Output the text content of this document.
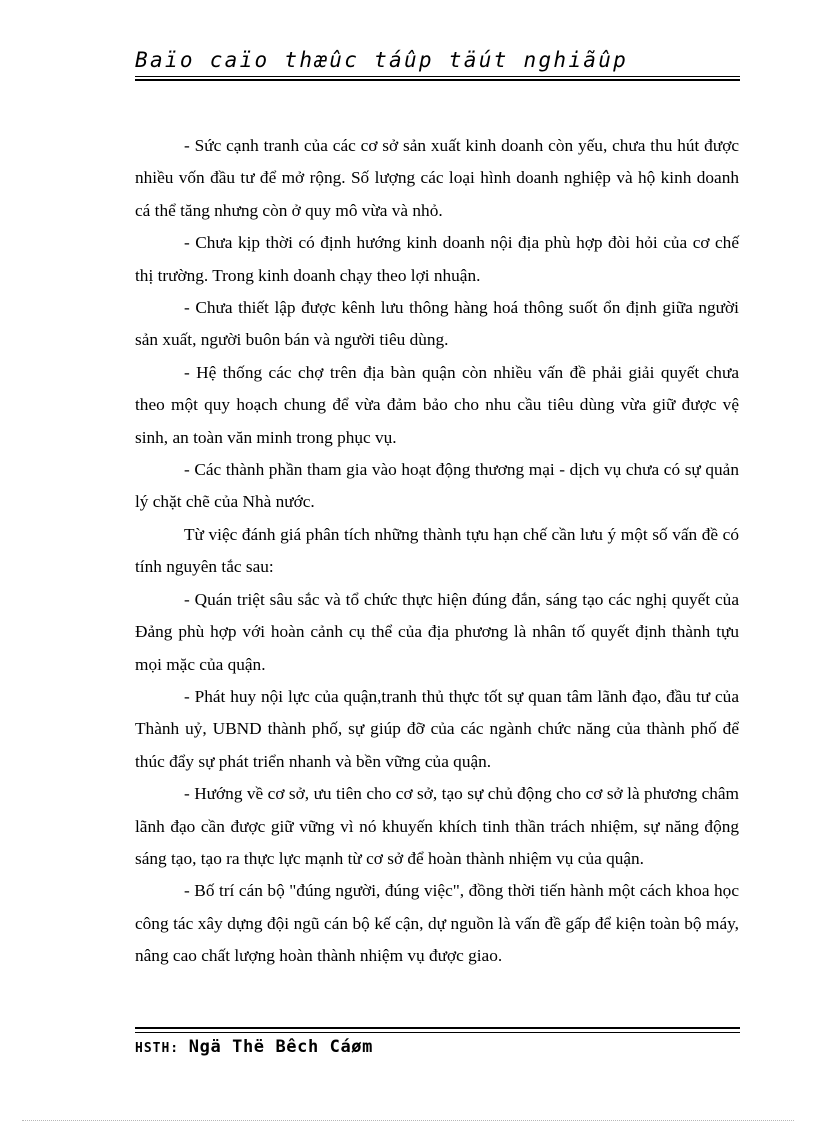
Baïo caïo thæûc táûp täút nghiãûp

- Sức cạnh tranh của các cơ sở sản xuất kinh doanh còn yếu, chưa thu hút được nhiều vốn đầu tư để mở rộng. Số lượng các loại hình doanh nghiệp và hộ kinh doanh cá thể tăng nhưng còn ở quy mô vừa và nhỏ.

- Chưa kịp thời có định hướng kinh doanh nội địa phù hợp đòi hỏi của cơ chế thị trường. Trong kinh doanh chạy theo lợi nhuận.

- Chưa thiết lập được kênh lưu thông hàng hoá thông suốt ổn định giữa người sản xuất, người buôn bán và người tiêu dùng.

- Hệ thống các chợ trên địa bàn quận còn nhiều vấn đề phải giải quyết chưa theo một quy hoạch chung để vừa đảm bảo cho nhu cầu tiêu dùng vừa giữ được vệ sinh, an toàn văn minh trong phục vụ.

- Các thành phần tham gia vào hoạt động thương mại - dịch vụ chưa có sự quản lý chặt chẽ của Nhà nước.

Từ việc đánh giá phân tích những thành tựu hạn chế cần lưu ý một số vấn đề có tính nguyên tắc sau:

- Quán triệt sâu sắc và tổ chức thực hiện đúng đắn, sáng tạo các nghị quyết của Đảng phù hợp với hoàn cảnh cụ thể của địa phương là nhân tố quyết định thành tựu mọi mặc của quận.

- Phát huy nội lực của quận,tranh thủ thực tốt sự quan tâm lãnh đạo, đầu tư của Thành uỷ, UBND thành phố, sự giúp đỡ của các ngành chức năng của thành phố để thúc đẩy sự phát triển nhanh và bền vững của quận.

- Hướng về cơ sở, ưu tiên cho cơ sở, tạo sự chủ động cho cơ sở là phương châm lãnh đạo cần được giữ vững vì nó khuyến khích tinh thần trách nhiệm, sự năng động sáng tạo, tạo ra thực lực mạnh từ cơ sở để hoàn thành nhiệm vụ của quận.

- Bố trí cán bộ "đúng người, đúng việc", đồng thời tiến hành một cách khoa học công tác xây dựng đội ngũ cán bộ kế cận, dự nguồn là vấn đề gấp để kiện toàn bộ máy, nâng cao chất lượng hoàn thành nhiệm vụ được giao.

HSTH: Ngä Thë Bêch Cáøm
